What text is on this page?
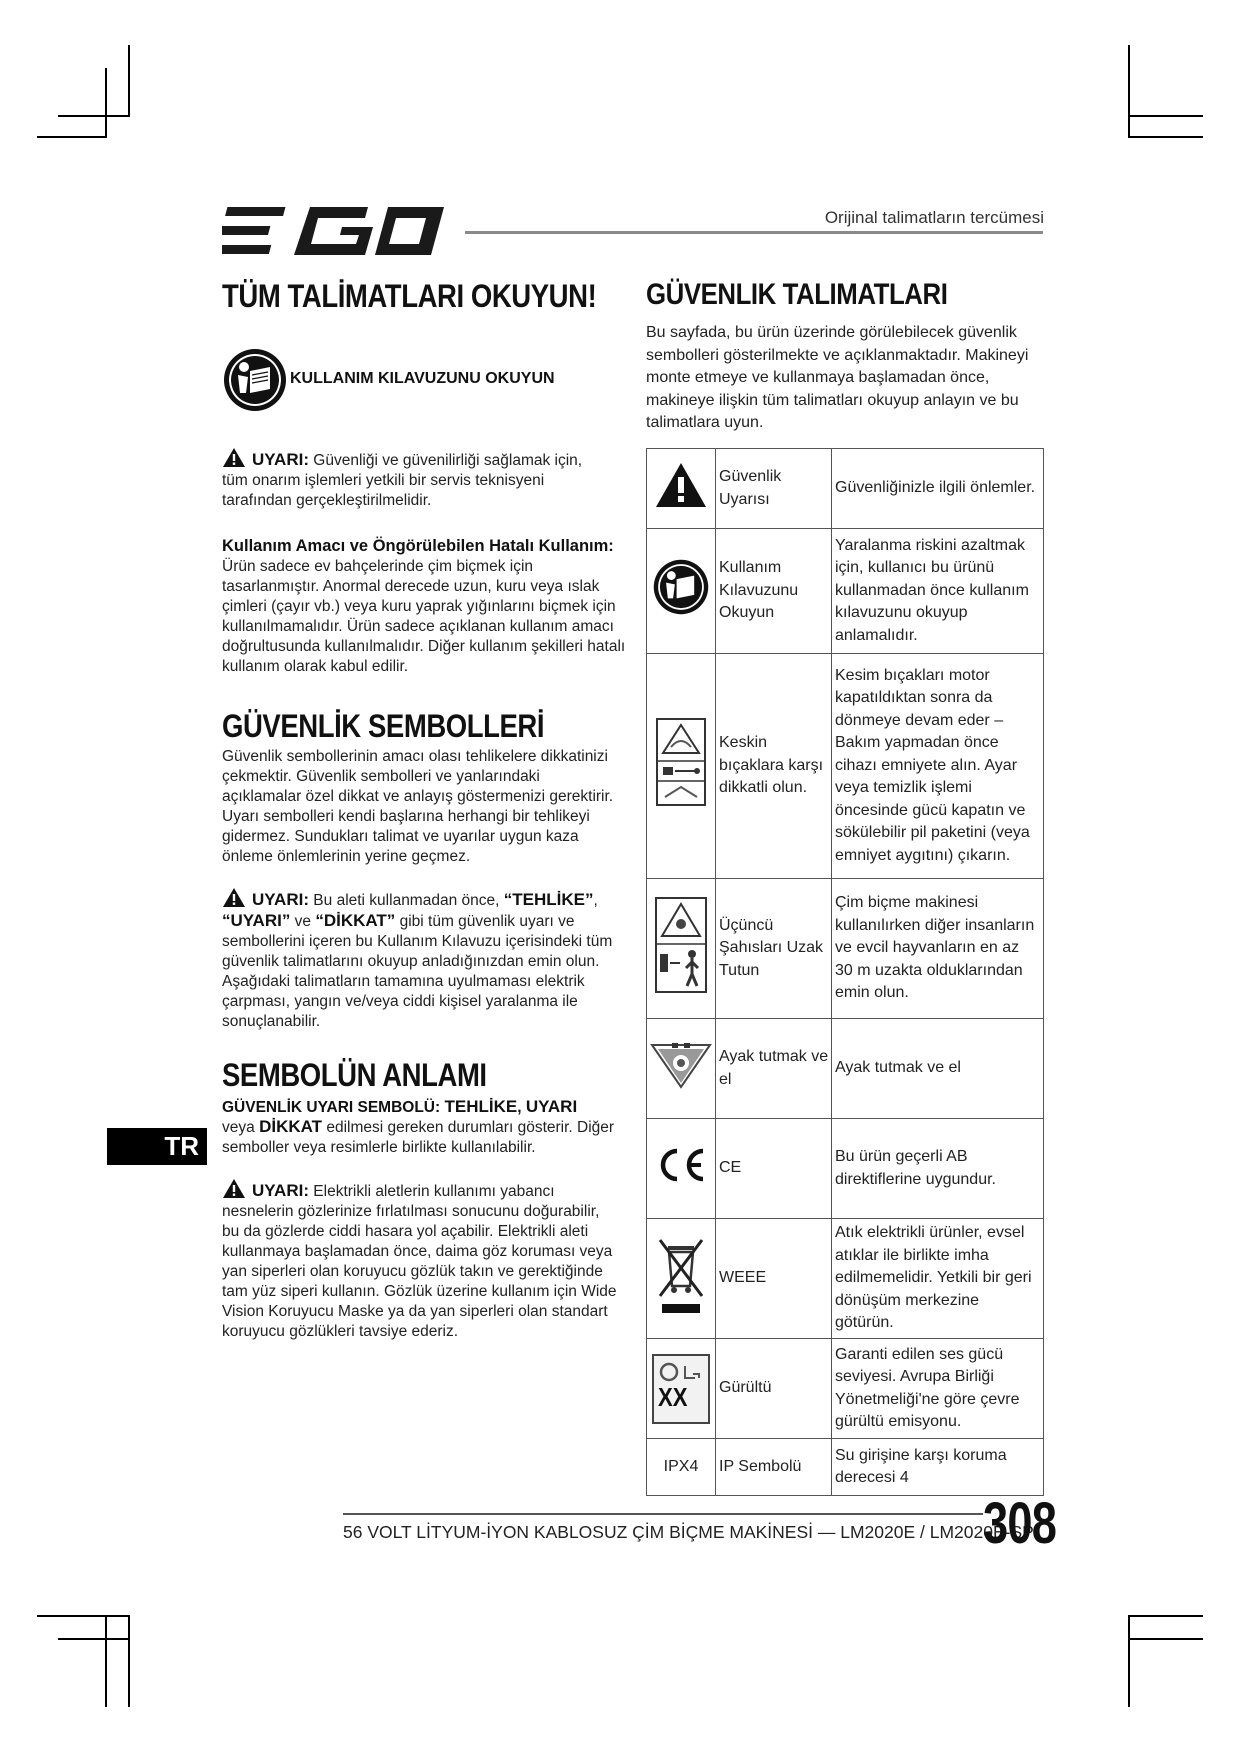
Orijinal talimatların tercümesi
TÜM TALİMATLARI OKUYUN!
KULLANIM KILAVUZUNU OKUYUN
UYARI: Güvenliği ve güvenilirliği sağlamak için, tüm onarım işlemleri yetkili bir servis teknisyeni tarafından gerçekleştirilmelidir.
Kullanım Amacı ve Öngörülebilen Hatalı Kullanım:
Ürün sadece ev bahçelerinde çim biçmek için tasarlanmıştır. Anormal derecede uzun, kuru veya ıslak çimleri (çayır vb.) veya kuru yaprak yığınlarını biçmek için kullanılmamalıdır. Ürün sadece açıklanan kullanım amacı doğrultusunda kullanılmalıdır. Diğer kullanım şekilleri hatalı kullanım olarak kabul edilir.
GÜVENLİK SEMBOLLERİ
Güvenlik sembollerinin amacı olası tehlikelere dikkatinizi çekmektir. Güvenlik sembolleri ve yanlarındaki açıklamalar özel dikkat ve anlayış göstermenizi gerektirir. Uyarı sembolleri kendi başlarına herhangi bir tehlikeyi gidermez. Sundukları talimat ve uyarılar uygun kaza önleme önlemlerinin yerine geçmez.
UYARI: Bu aleti kullanmadan önce, “TEHLİKE”, “UYARI” ve “DİKKAT” gibi tüm güvenlik uyarı ve sembollerini içeren bu Kullanım Kılavuzu içerisindeki tüm güvenlik talimatlarını okuyup anladığınızdan emin olun. Aşağıdaki talimatların tamamına uyulmaması elektrik çarpması, yangın ve/veya ciddi kişisel yaralanma ile sonuçlanabilir.
SEMBOLÜN ANLAMI
GÜVENLİK UYARI SEMBOLÜ: TEHLİKE, UYARI
veya DİKKAT edilmesi gereken durumları gösterir. Diğer semboller veya resimlerle birlikte kullanılabilir.
UYARI: Elektrikli aletlerin kullanımı yabancı nesnelerin gözlerinize fırlatılması sonucunu doğurabilir, bu da gözlerde ciddi hasara yol açabilir. Elektrikli aleti kullanmaya başlamadan önce, daima göz koruması veya yan siperleri olan koruyucu gözlük takın ve gerektiğinde tam yüz siperi kullanın. Gözlük üzerine kullanım için Wide Vision Koruyucu Maske ya da yan siperleri olan standart koruyucu gözlükleri tavsiye ederiz.
TR
GÜVENLIK TALIMATLARI
Bu sayfada, bu ürün üzerinde görülebilecek güvenlik sembolleri gösterilmekte ve açıklanmaktadır. Makineyi monte etmeye ve kullanmaya başlamadan önce, makineye ilişkin tüm talimatları okuyup anlayın ve bu talimatlara uyun.
	Güvenlik Uyarısı	Güvenliğinizle ilgili önlemler.
	Kullanım Kılavuzunu Okuyun	Yaralanma riskini azaltmak için, kullanıcı bu ürünü kullanmadan önce kullanım kılavuzunu okuyup anlamalıdır.
	Keskin bıçaklara karşı dikkatli olun.	Kesim bıçakları motor kapatıldıktan sonra da dönmeye devam eder – Bakım yapmadan önce cihazı emniyete alın. Ayar veya temizlik işlemi öncesinde gücü kapatın ve sökülebilir pil paketini (veya emniyet aygıtını) çıkarın.
	Üçüncü Şahısları Uzak Tutun	Çim biçme makinesi kullanılırken diğer insanların ve evcil hayvanların en az 30 m uzakta olduklarından emin olun.
	Ayak tutmak ve el	Ayak tutmak ve el
	CE	Bu ürün geçerli AB direktiflerine uygundur.
	WEEE	Atık elektrikli ürünler, evsel atıklar ile birlikte imha edilmemelidir. Yetkili bir geri dönüşüm merkezine götürün.

XX	Gürültü	Garanti edilen ses gücü seviyesi. Avrupa Birliği Yönetmeliği'ne göre çevre gürültü emisyonu.
IPX4	IP Sembolü	Su girişine karşı koruma derecesi 4
56 VOLT LİTYUM-İYON KABLOSUZ ÇİM BİÇME MAKİNESİ — LM2020E / LM2020E-SP
308
